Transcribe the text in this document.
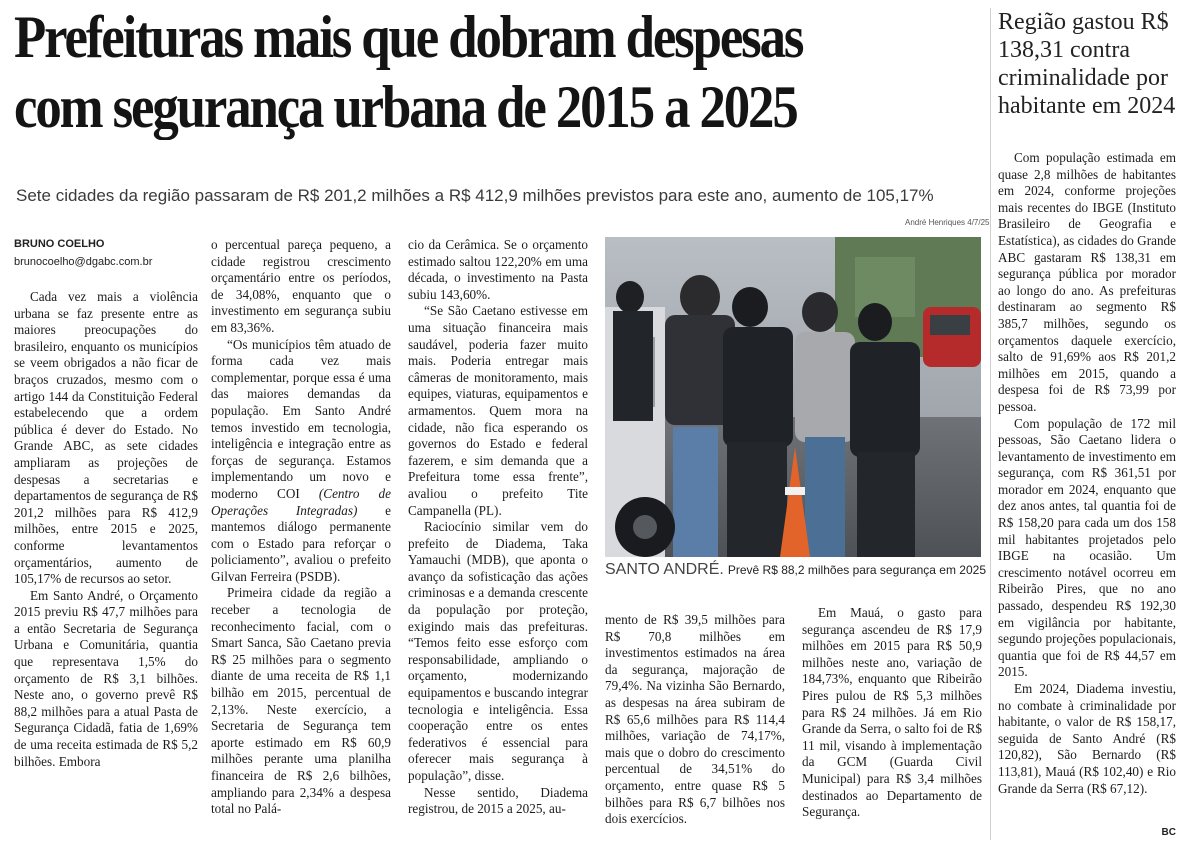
Prefeituras mais que dobram despesas
com segurança urbana de 2015 a 2025
Sete cidades da região passaram de R$ 201,2 milhões a R$ 412,9 milhões previstos para este ano, aumento de 105,17%
André Henriques 4/7/25
BRUNO COELHO
brunocoelho@dgabc.com.br

Cada vez mais a violência urbana se faz presente entre as maiores preocupações do brasileiro, enquanto os municípios se veem obrigados a não ficar de braços cruzados, mesmo com o artigo 144 da Constituição Federal estabelecendo que a ordem pública é dever do Estado. No Grande ABC, as sete cidades ampliaram as projeções de despesas a secretarias e departamentos de segurança de R$ 201,2 milhões para R$ 412,9 milhões, entre 2015 e 2025, conforme levantamentos orçamentários, aumento de 105,17% de recursos ao setor.

Em Santo André, o Orçamento 2015 previu R$ 47,7 milhões para a então Secretaria de Segurança Urbana e Comunitária, quantia que representava 1,5% do orçamento de R$ 3,1 bilhões. Neste ano, o governo prevê R$ 88,2 milhões para a atual Pasta de Segurança Cidadã, fatia de 1,69% de uma receita estimada de R$ 5,2 bilhões. Embora

o percentual pareça pequeno, a cidade registrou crescimento orçamentário entre os períodos, de 34,08%, enquanto que o investimento em segurança subiu em 83,36%.

“Os municípios têm atuado de forma cada vez mais complementar, porque essa é uma das maiores demandas da população. Em Santo André temos investido em tecnologia, inteligência e integração entre as forças de segurança. Estamos implementando um novo e moderno COI (Centro de Operações Integradas) e mantemos diálogo permanente com o Estado para reforçar o policiamento”, avaliou o prefeito Gilvan Ferreira (PSDB).

Primeira cidade da região a receber a tecnologia de reconhecimento facial, com o Smart Sanca, São Caetano previa R$ 25 milhões para o segmento diante de uma receita de R$ 1,1 bilhão em 2015, percentual de 2,13%. Neste exercício, a Secretaria de Segurança tem aporte estimado em R$ 60,9 milhões perante uma planilha financeira de R$ 2,6 bilhões, ampliando para 2,34% a despesa total no Palá-

cio da Cerâmica. Se o orçamento estimado saltou 122,20% em uma década, o investimento na Pasta subiu 143,60%.

“Se São Caetano estivesse em uma situação financeira mais saudável, poderia fazer muito mais. Poderia entregar mais câmeras de monitoramento, mais equipes, viaturas, equipamentos e armamentos. Quem mora na cidade, não fica esperando os governos do Estado e federal fazerem, e sim demanda que a Prefeitura tome essa frente”, avaliou o prefeito Tite Campanella (PL).

Raciocínio similar vem do prefeito de Diadema, Taka Yamauchi (MDB), que aponta o avanço da sofisticação das ações criminosas e a demanda crescente da população por proteção, exigindo mais das prefeituras. “Temos feito esse esforço com responsabilidade, ampliando o orçamento, modernizando equipamentos e buscando integrar tecnologia e inteligência. Essa cooperação entre os entes federativos é essencial para oferecer mais segurança à população”, disse.

Nesse sentido, Diadema registrou, de 2015 a 2025, au-

SANTO ANDRÉ. Prevê R$ 88,2 milhões para segurança em 2025

mento de R$ 39,5 milhões para R$ 70,8 milhões em investimentos estimados na área da segurança, majoração de 79,4%. Na vizinha São Bernardo, as despesas na área subiram de R$ 65,6 milhões para R$ 114,4 milhões, variação de 74,17%, mais que o dobro do crescimento percentual de 34,51% do orçamento, entre quase R$ 5 bilhões para R$ 6,7 bilhões nos dois exercícios.

Em Mauá, o gasto para segurança ascendeu de R$ 17,9 milhões em 2015 para R$ 50,9 milhões neste ano, variação de 184,73%, enquanto que Ribeirão Pires pulou de R$ 5,3 milhões para R$ 24 milhões. Já em Rio Grande da Serra, o salto foi de R$ 11 mil, visando à implementação da GCM (Guarda Civil Municipal) para R$ 3,4 milhões destinados ao Departamento de Segurança.

Região gastou R$ 138,31 contra criminalidade por habitante em 2024

Com população estimada em quase 2,8 milhões de habitantes em 2024, conforme projeções mais recentes do IBGE (Instituto Brasileiro de Geografia e Estatística), as cidades do Grande ABC gastaram R$ 138,31 em segurança pública por morador ao longo do ano. As prefeituras destinaram ao segmento R$ 385,7 milhões, segundo os orçamentos daquele exercício, salto de 91,69% aos R$ 201,2 milhões em 2015, quando a despesa foi de R$ 73,99 por pessoa.

Com população de 172 mil pessoas, São Caetano lidera o levantamento de investimento em segurança, com R$ 361,51 por morador em 2024, enquanto que dez anos antes, tal quantia foi de R$ 158,20 para cada um dos 158 mil habitantes projetados pelo IBGE na ocasião. Um crescimento notável ocorreu em Ribeirão Pires, que no ano passado, despendeu R$ 192,30 em vigilância por habitante, segundo projeções populacionais, quantia que foi de R$ 44,57 em 2015.

Em 2024, Diadema investiu, no combate à criminalidade por habitante, o valor de R$ 158,17, seguida de Santo André (R$ 120,82), São Bernardo (R$ 113,81), Mauá (R$ 102,40) e Rio Grande da Serra (R$ 67,12).

BC
